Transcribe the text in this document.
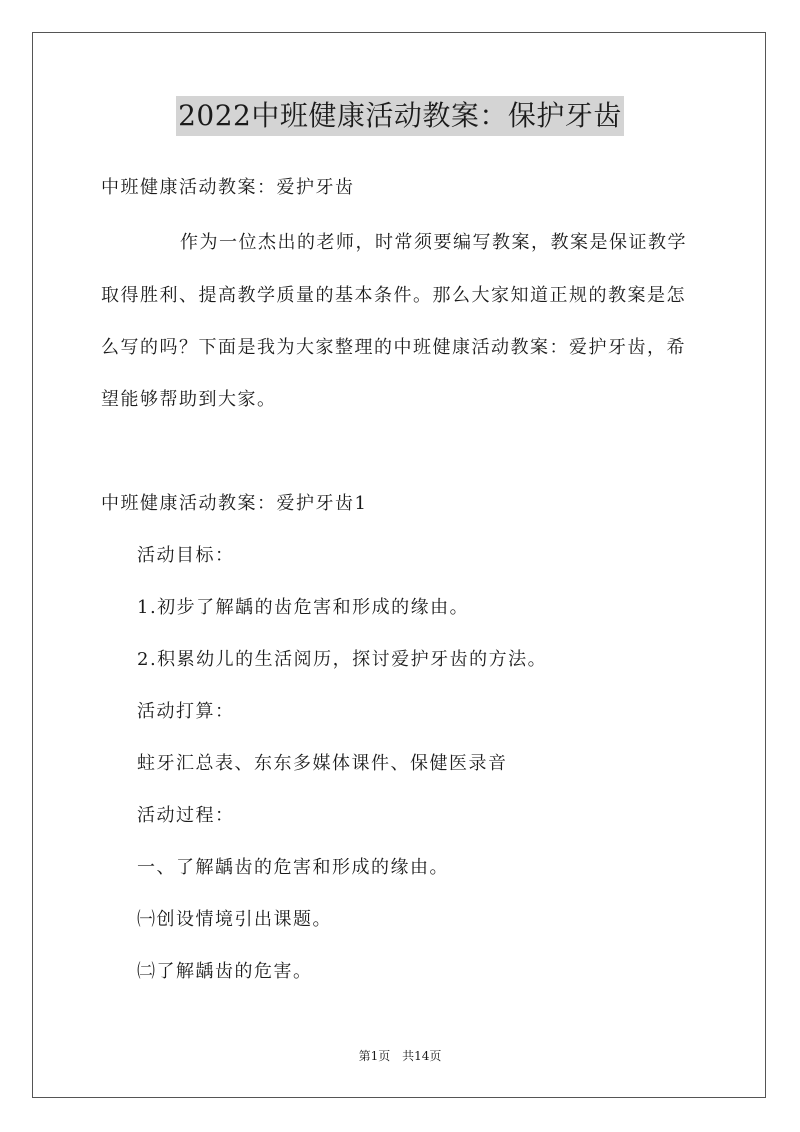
2022中班健康活动教案：保护牙齿
中班健康活动教案：爱护牙齿
作为一位杰出的老师，时常须要编写教案，教案是保证教学
取得胜利、提高教学质量的基本条件。那么大家知道正规的教案是怎
么写的吗？下面是我为大家整理的中班健康活动教案：爱护牙齿，希
望能够帮助到大家。
中班健康活动教案：爱护牙齿1
活动目标：
1.初步了解龋的齿危害和形成的缘由。
2.积累幼儿的生活阅历，探讨爱护牙齿的方法。
活动打算：
蛀牙汇总表、东东多媒体课件、保健医录音
活动过程：
一、了解龋齿的危害和形成的缘由。
㈠创设情境引出课题。
㈡了解龋齿的危害。
第1页 共14页
